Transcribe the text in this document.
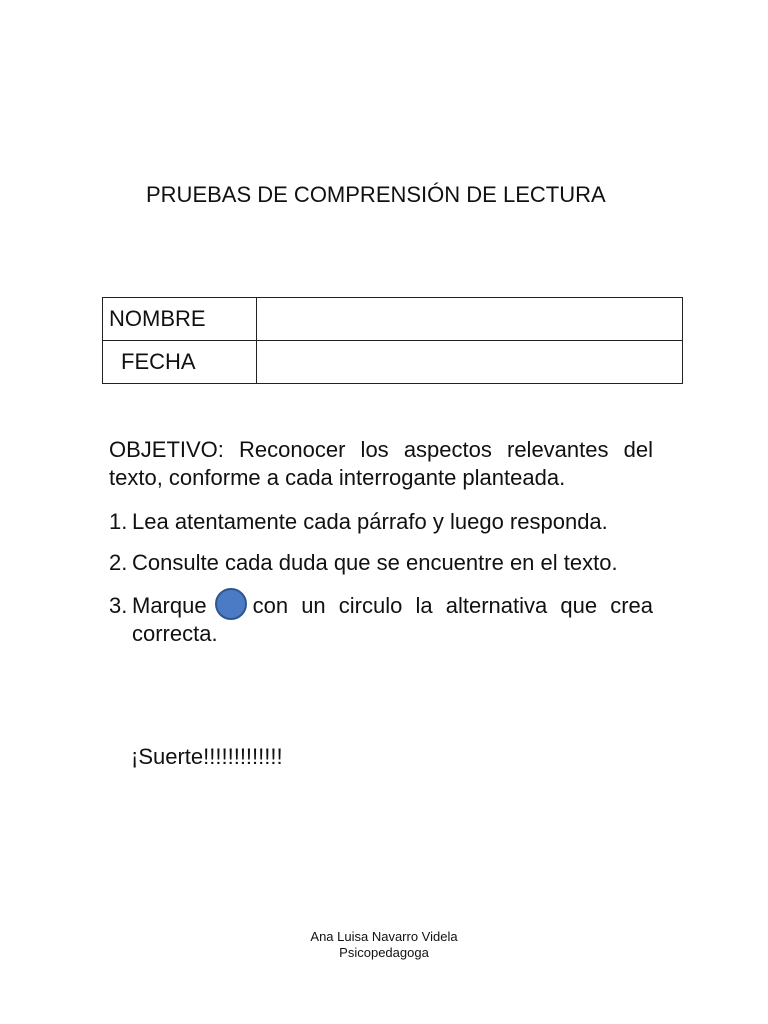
PRUEBAS DE COMPRENSIÓN DE LECTURA
NOMBRE	
FECHA	
OBJETIVO: Reconocer los aspectos relevantes del texto, conforme a cada interrogante planteada.
1. Lea atentamente cada párrafo y luego responda.
2. Consulte cada duda que se encuentre en el texto.
3. Marque con un circulo la alternativa que crea correcta.
¡Suerte!!!!!!!!!!!!!
Ana Luisa Navarro Videla
Psicopedagoga
